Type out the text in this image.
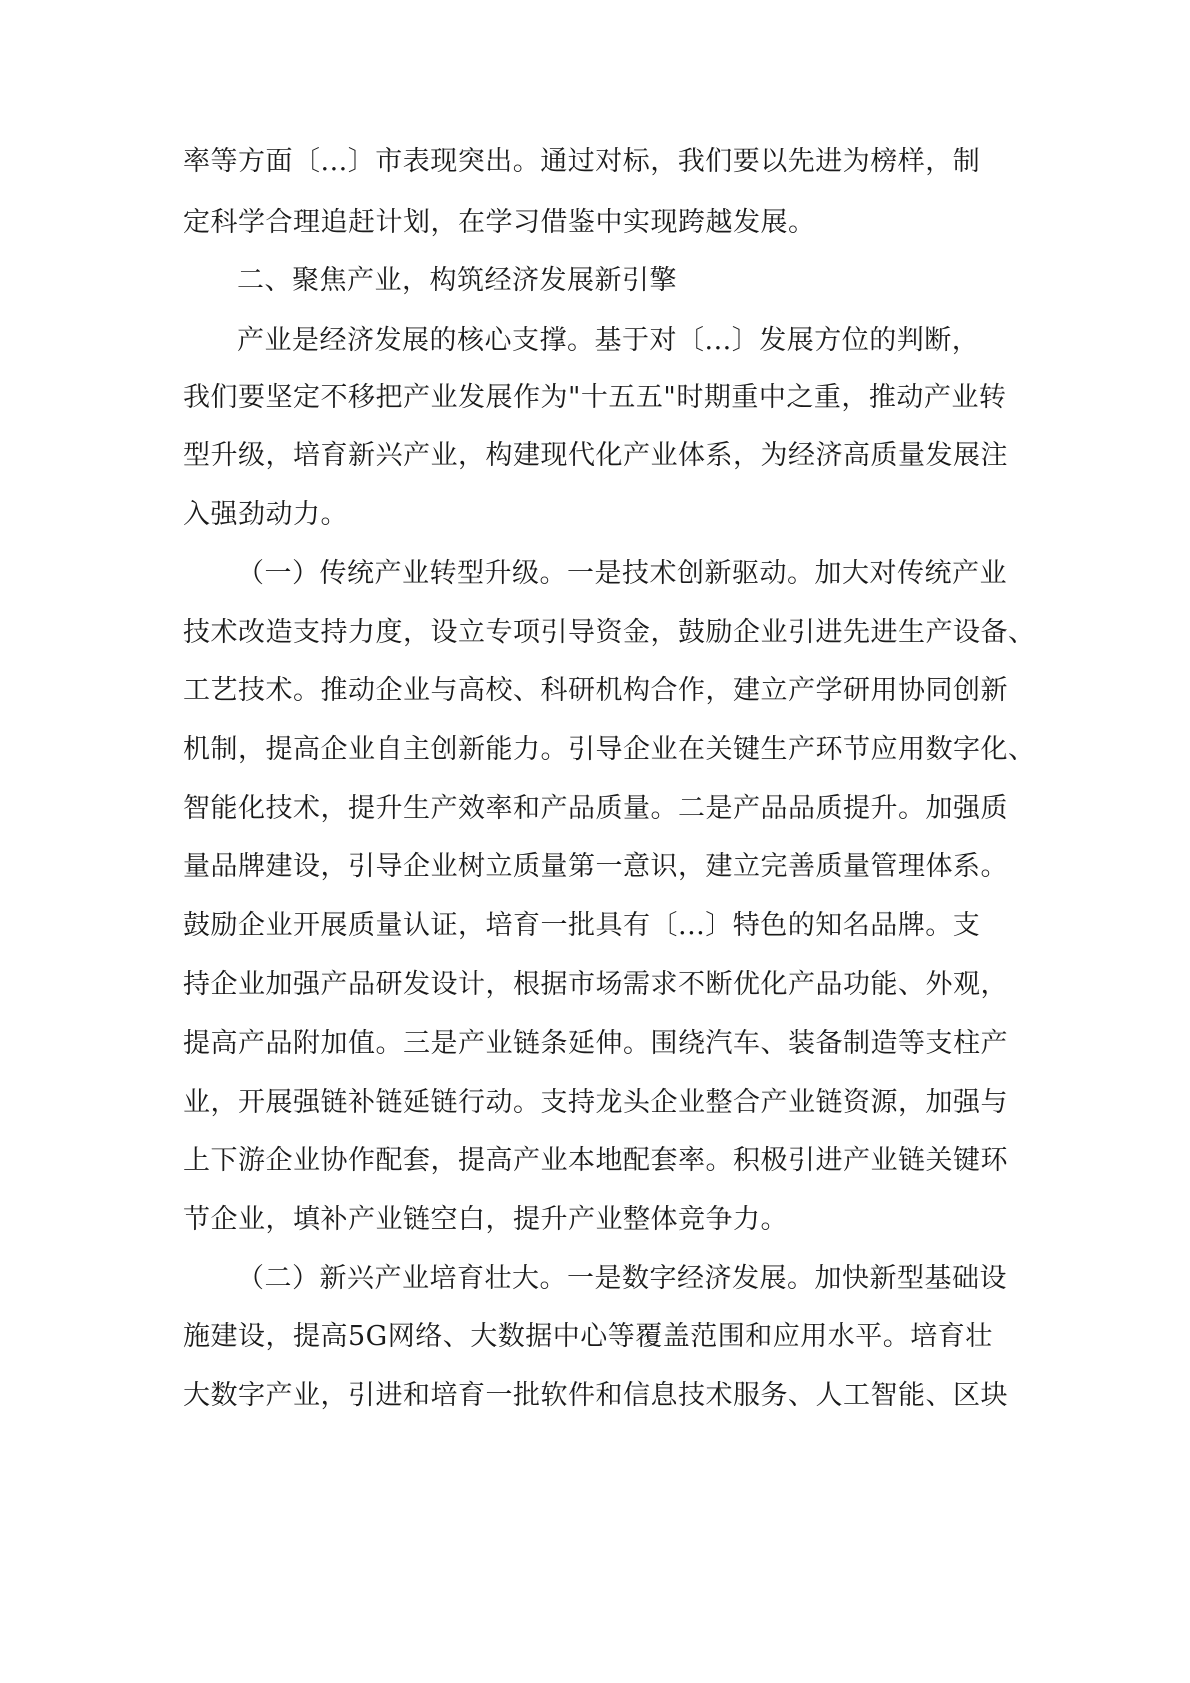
率等方面〔...〕市表现突出。通过对标，我们要以先进为榜样，制
定科学合理追赶计划，在学习借鉴中实现跨越发展。
二、聚焦产业，构筑经济发展新引擎
产业是经济发展的核心支撑。基于对〔...〕发展方位的判断，
我们要坚定不移把产业发展作为"十五五"时期重中之重，推动产业转
型升级，培育新兴产业，构建现代化产业体系，为经济高质量发展注
入强劲动力。
（一）传统产业转型升级。一是技术创新驱动。加大对传统产业
技术改造支持力度，设立专项引导资金，鼓励企业引进先进生产设备、
工艺技术。推动企业与高校、科研机构合作，建立产学研用协同创新
机制，提高企业自主创新能力。引导企业在关键生产环节应用数字化、
智能化技术，提升生产效率和产品质量。二是产品品质提升。加强质
量品牌建设，引导企业树立质量第一意识，建立完善质量管理体系。
鼓励企业开展质量认证，培育一批具有〔...〕特色的知名品牌。支
持企业加强产品研发设计，根据市场需求不断优化产品功能、外观，
提高产品附加值。三是产业链条延伸。围绕汽车、装备制造等支柱产
业，开展强链补链延链行动。支持龙头企业整合产业链资源，加强与
上下游企业协作配套，提高产业本地配套率。积极引进产业链关键环
节企业，填补产业链空白，提升产业整体竞争力。
（二）新兴产业培育壮大。一是数字经济发展。加快新型基础设
施建设，提高5G网络、大数据中心等覆盖范围和应用水平。培育壮
大数字产业，引进和培育一批软件和信息技术服务、人工智能、区块
